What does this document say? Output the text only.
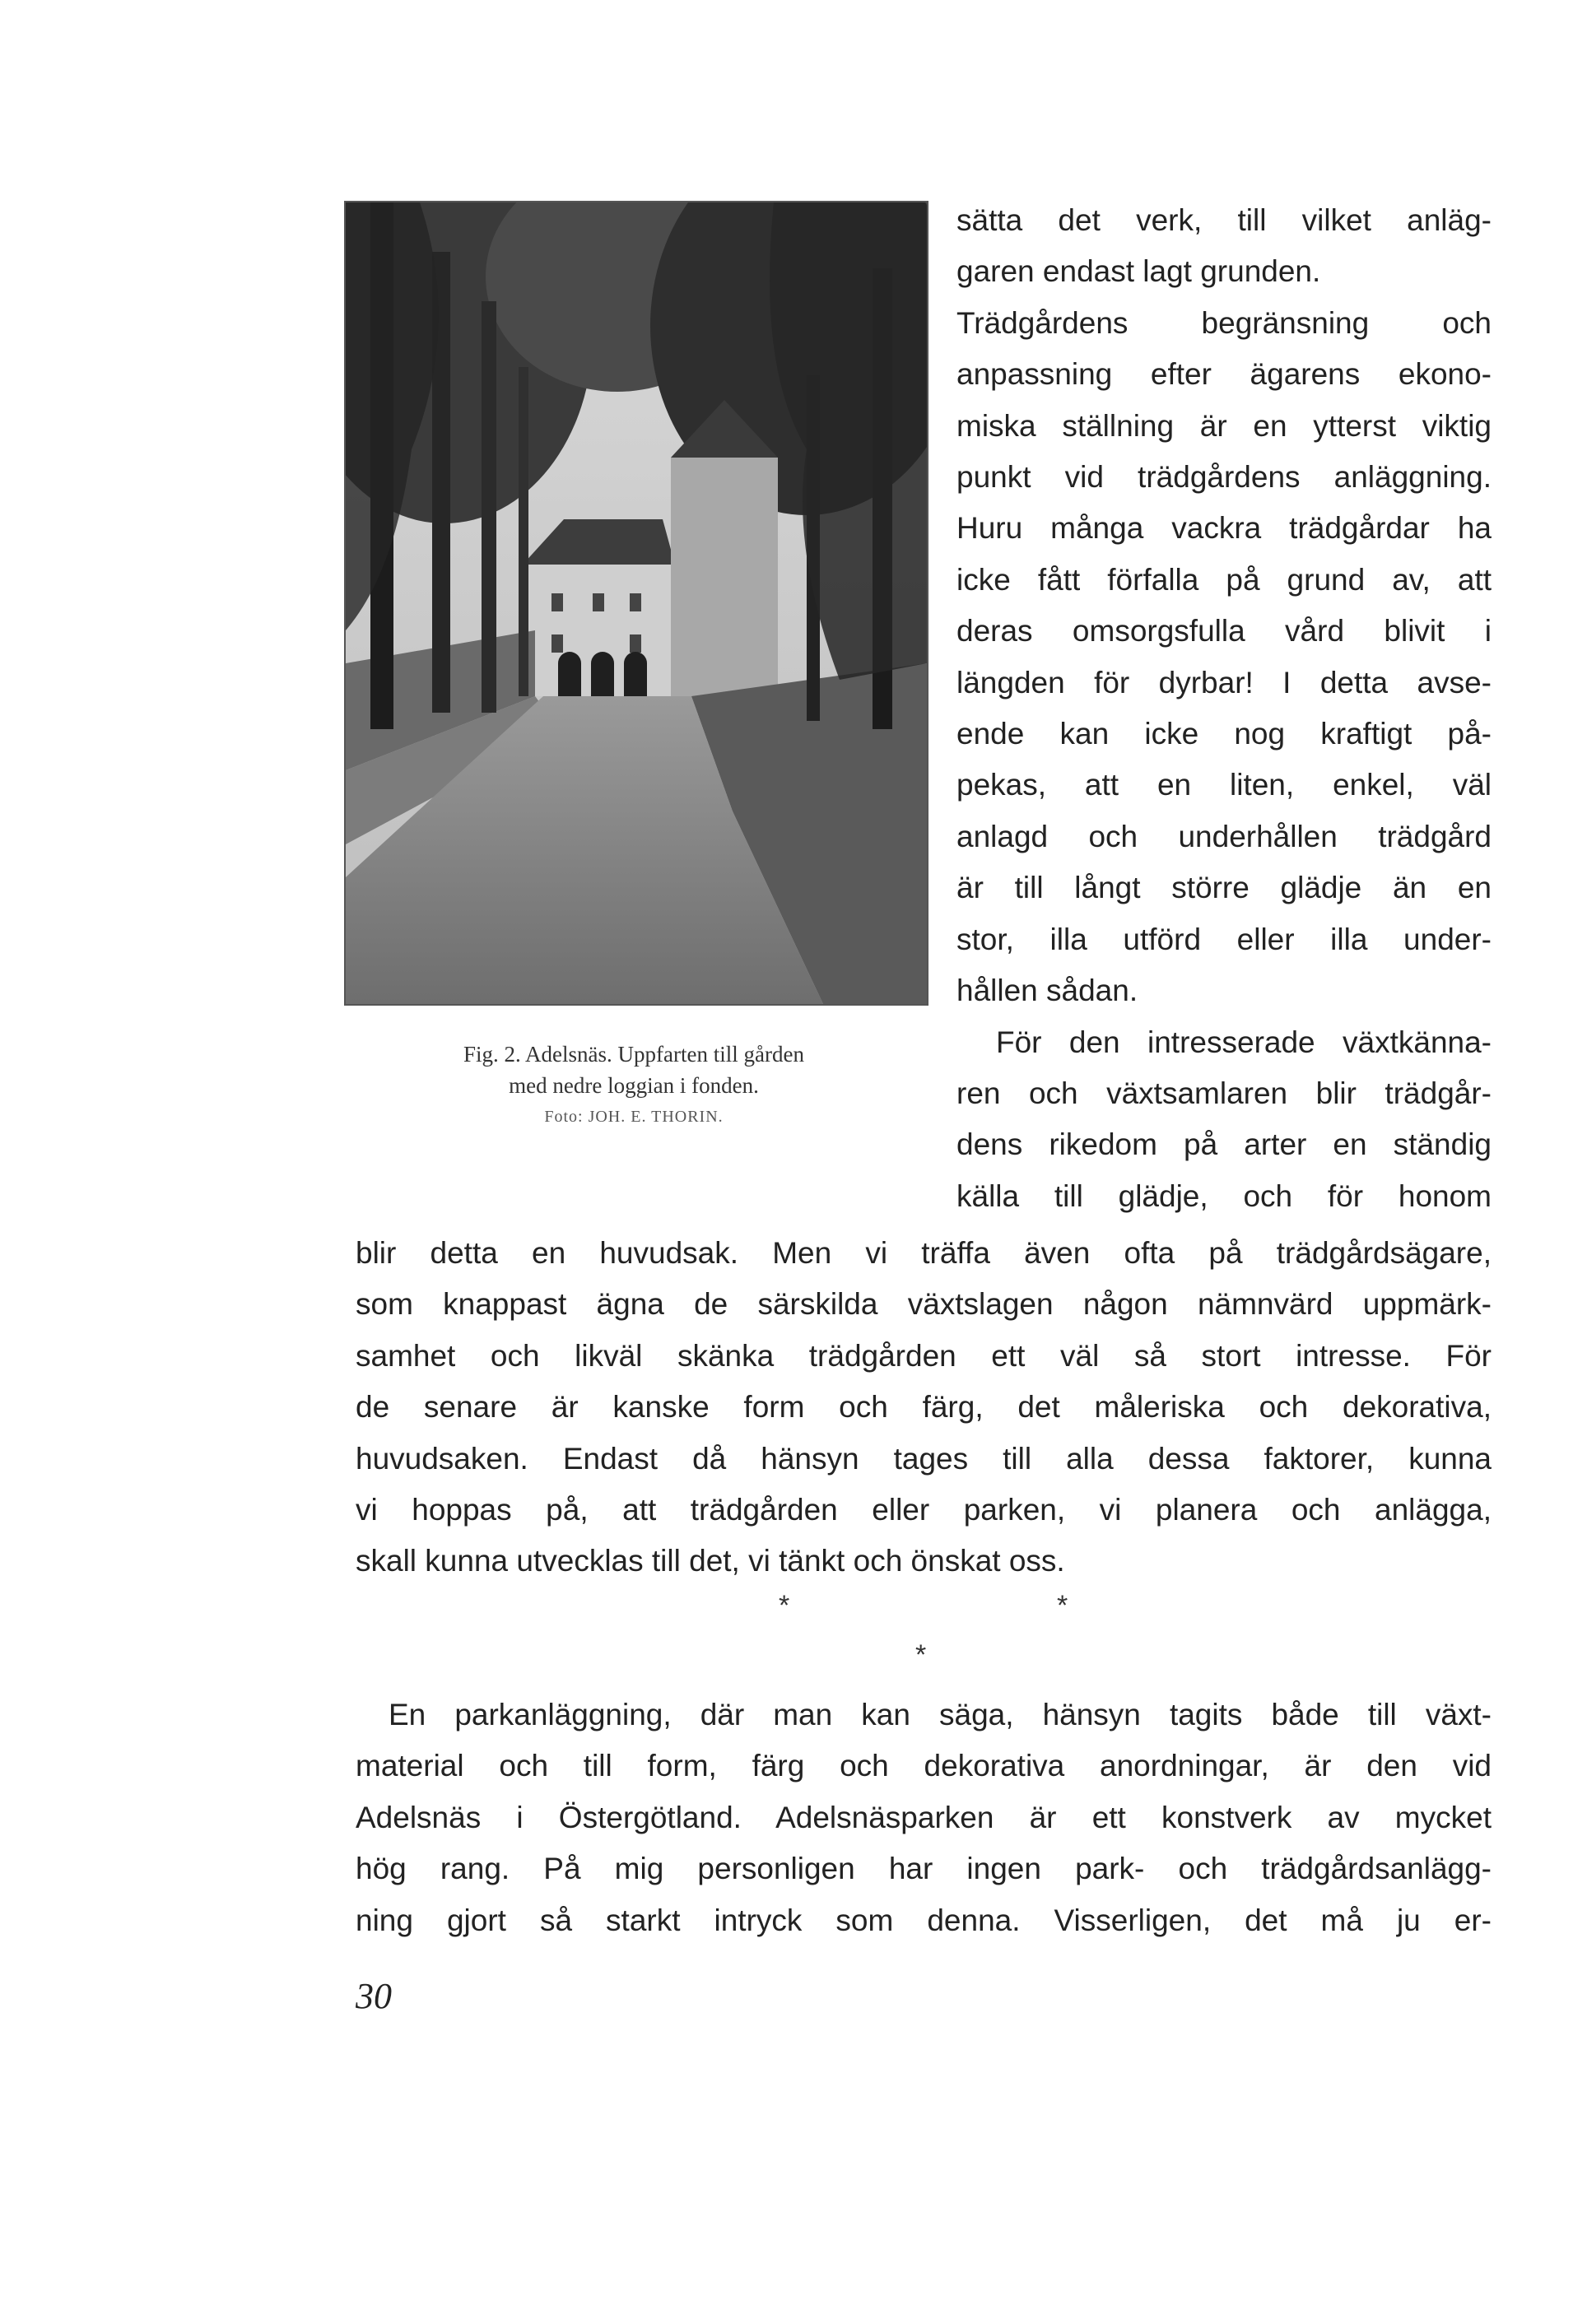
Fig. 2. Adelsnäs. Uppfarten till gården
med nedre loggian i fonden.
Foto: JOH. E. THORIN.
sätta det verk, till vilket anläg-
garen endast lagt grunden.
Trädgårdens begränsning och
anpassning efter ägarens ekono-
miska ställning är en ytterst viktig
punkt vid trädgårdens anläggning.
Huru många vackra trädgårdar ha
icke fått förfalla på grund av, att
deras omsorgsfulla vård blivit i
längden för dyrbar! I detta avse-
ende kan icke nog kraftigt på-
pekas, att en liten, enkel, väl
anlagd och underhållen trädgård
är till långt större glädje än en
stor, illa utförd eller illa under-
hållen sådan.
För den intresserade växtkänna-
ren och växtsamlaren blir trädgår-
dens rikedom på arter en ständig
källa till glädje, och för honom
blir detta en huvudsak. Men vi träffa även ofta på trädgårdsägare,
som knappast ägna de särskilda växtslagen någon nämnvärd uppmärk-
samhet och likväl skänka trädgården ett väl så stort intresse. För
de senare är kanske form och färg, det måleriska och dekorativa,
huvudsaken. Endast då hänsyn tages till alla dessa faktorer, kunna
vi hoppas på, att trädgården eller parken, vi planera och anlägga,
skall kunna utvecklas till det, vi tänkt och önskat oss.
*	*
*
En parkanläggning, där man kan säga, hänsyn tagits både till växt-
material och till form, färg och dekorativa anordningar, är den vid
Adelsnäs i Östergötland. Adelsnäsparken är ett konstverk av mycket
hög rang. På mig personligen har ingen park- och trädgårdsanlägg-
ning gjort så starkt intryck som denna. Visserligen, det må ju er-
30
